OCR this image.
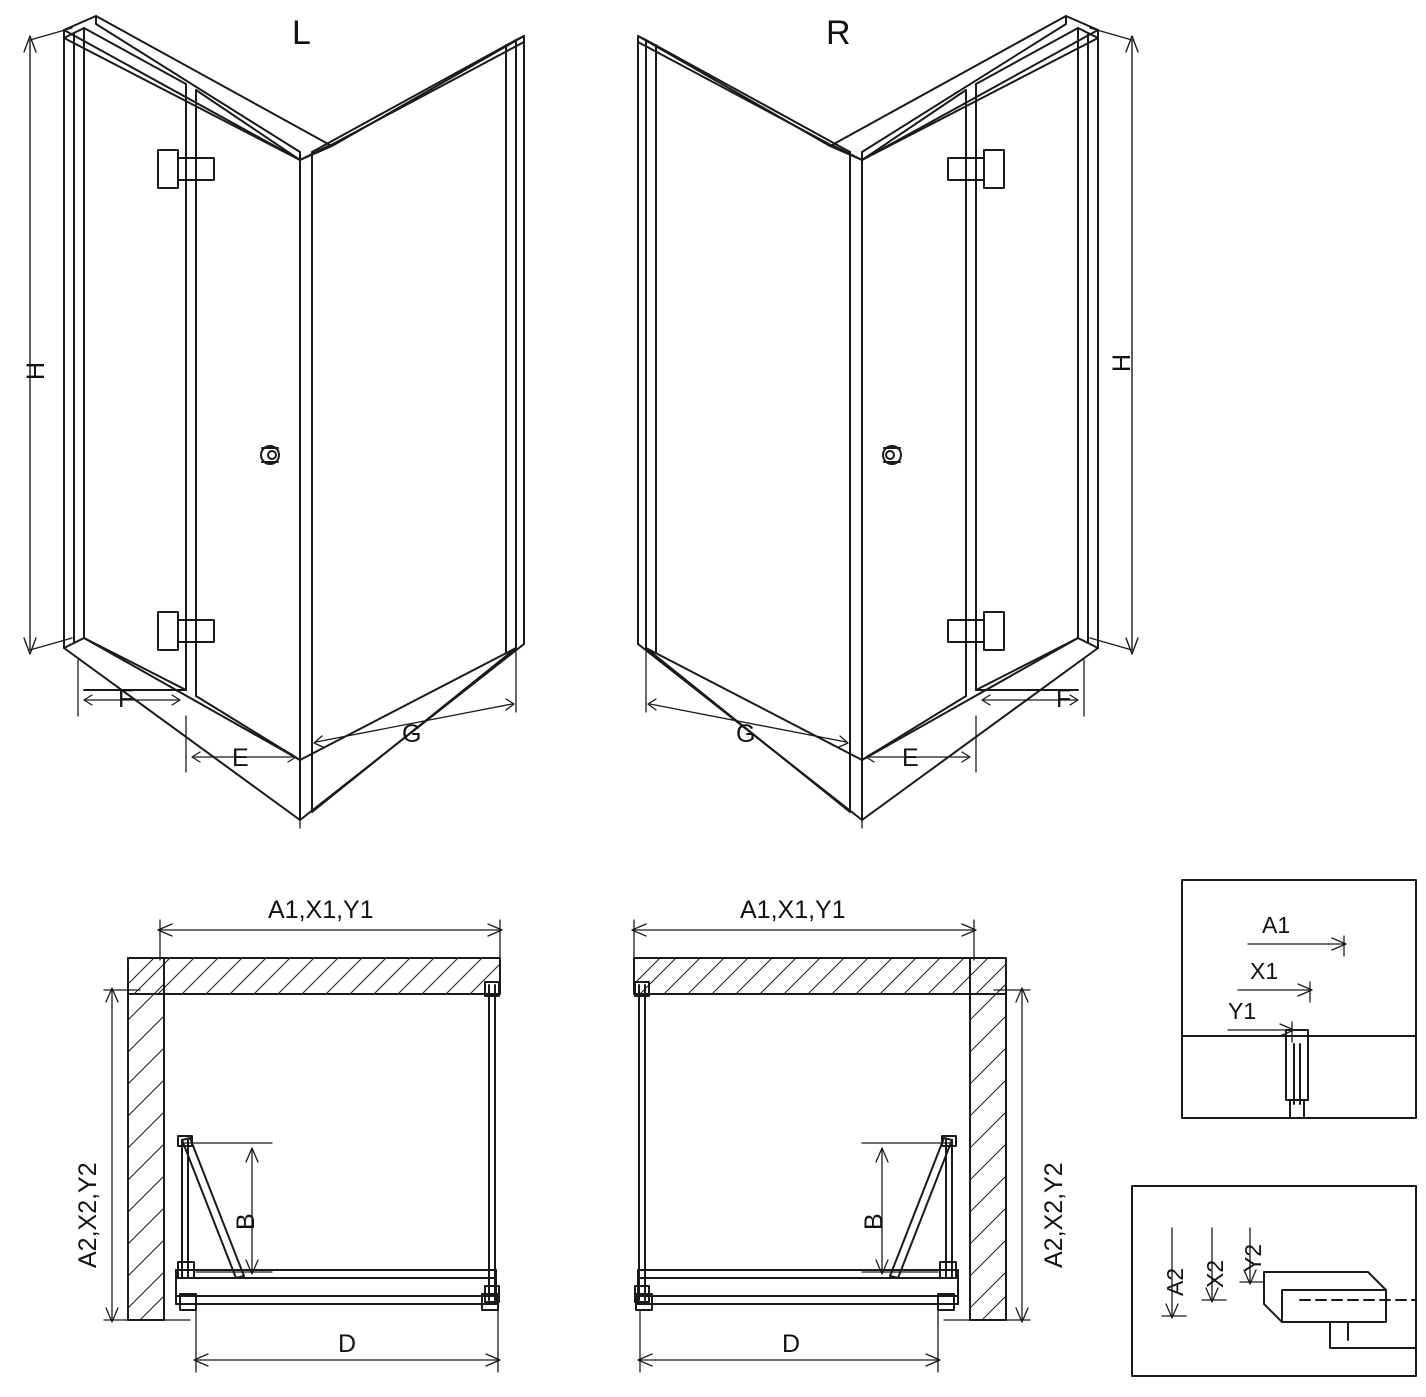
L	R
H	H
F
E
G
F
E
G
A1,X1,Y1
A2,X2,Y2	B
D
A1,X1,Y1
A2,X2,Y2
B
D
A1
X1
Y1
A2 X2
Y2
